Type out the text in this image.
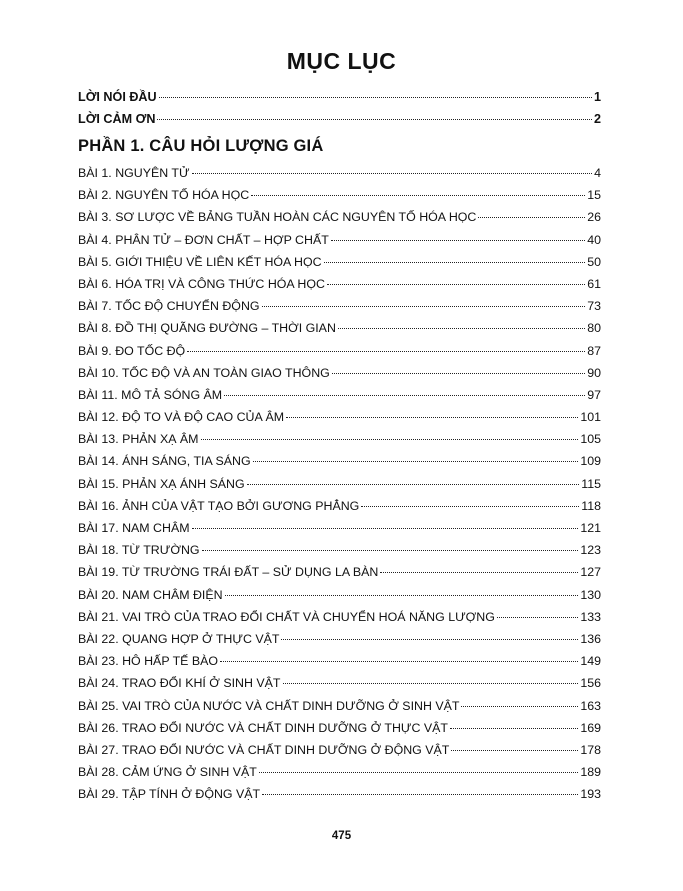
MỤC LỤC
LỜI NÓI ĐẦU	1
LỜI CẢM ƠN	2
PHẦN 1. CÂU HỎI LƯỢNG GIÁ
BÀI 1. NGUYÊN TỬ	4
BÀI 2. NGUYÊN TỐ HÓA HỌC	15
BÀI 3. SƠ LƯỢC VỀ BẢNG TUẦN HOÀN CÁC NGUYÊN TỐ HÓA HỌC	26
BÀI 4. PHÂN TỬ – ĐƠN CHẤT – HỢP CHẤT	40
BÀI 5. GIỚI THIỆU VỀ LIÊN KẾT HÓA HỌC	50
BÀI 6. HÓA TRỊ VÀ CÔNG THỨC HÓA HỌC	61
BÀI 7. TỐC ĐỘ CHUYỂN ĐỘNG	73
BÀI 8. ĐỒ THỊ QUÃNG ĐƯỜNG – THỜI GIAN	80
BÀI 9. ĐO TỐC ĐỘ	87
BÀI 10. TỐC ĐỘ VÀ AN TOÀN GIAO THÔNG	90
BÀI 11. MÔ TẢ SÓNG ÂM	97
BÀI 12. ĐỘ TO VÀ ĐỘ CAO CỦA ÂM	101
BÀI 13. PHẢN XẠ ÂM	105
BÀI 14. ÁNH SÁNG, TIA SÁNG	109
BÀI 15. PHẢN XẠ ÁNH SÁNG	115
BÀI 16. ẢNH CỦA VẬT TẠO BỞI GƯƠNG PHẲNG	118
BÀI 17. NAM CHÂM	121
BÀI 18. TỪ TRƯỜNG	123
BÀI 19. TỪ TRƯỜNG TRÁI ĐẤT – SỬ DỤNG LA BÀN	127
BÀI 20. NAM CHÂM ĐIỆN	130
BÀI 21. VAI TRÒ CỦA TRAO ĐỔI CHẤT VÀ CHUYỂN HOÁ NĂNG LƯỢNG	133
BÀI 22. QUANG HỢP Ở THỰC VẬT	136
BÀI 23. HÔ HẤP TẾ BÀO	149
BÀI 24. TRAO ĐỔI KHÍ Ở SINH VẬT	156
BÀI 25. VAI TRÒ CỦA NƯỚC VÀ CHẤT DINH DƯỠNG Ở SINH VẬT	163
BÀI 26. TRAO ĐỔI NƯỚC VÀ CHẤT DINH DƯỠNG Ở THỰC VẬT	169
BÀI 27. TRAO ĐỔI NƯỚC VÀ CHẤT DINH DƯỠNG Ở ĐỘNG VẬT	178
BÀI 28. CẢM ỨNG Ở SINH VẬT	189
BÀI 29. TẬP TÍNH Ở ĐỘNG VẬT	193
475
